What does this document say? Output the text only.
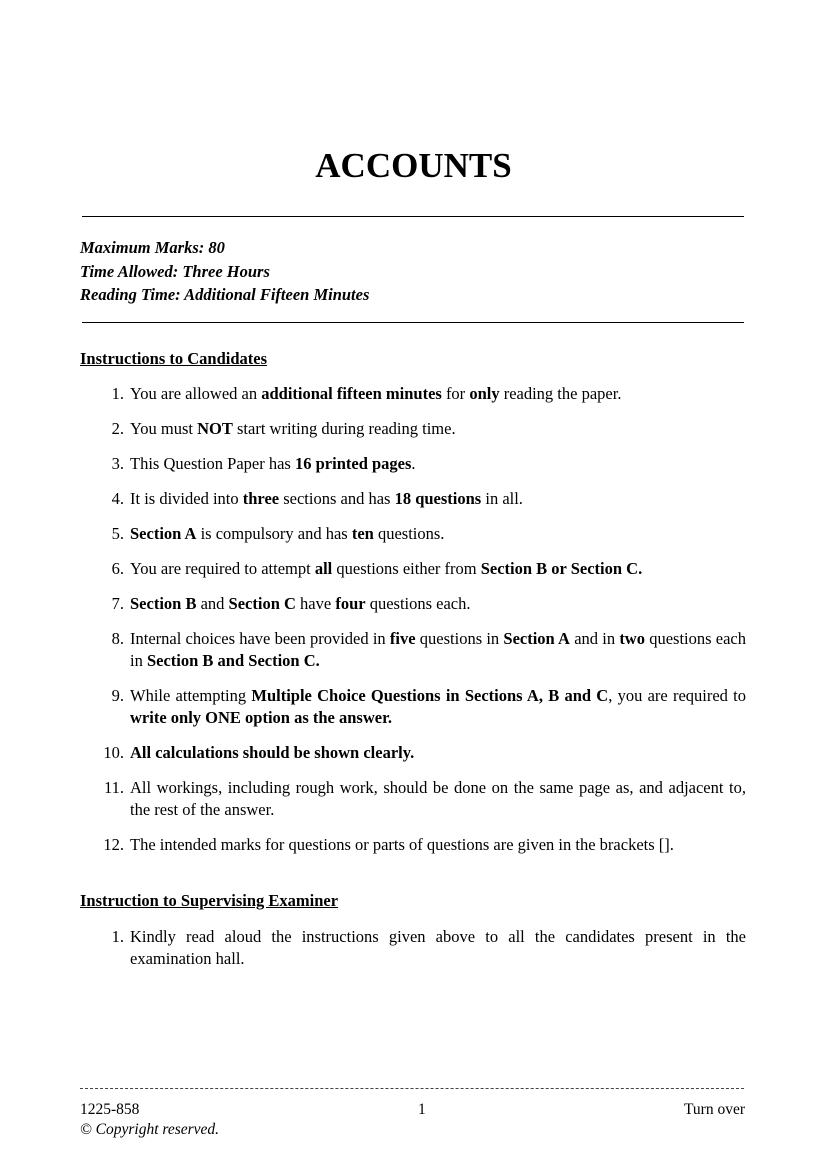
ACCOUNTS
Maximum Marks: 80
Time Allowed: Three Hours
Reading Time: Additional Fifteen Minutes
Instructions to Candidates
1. You are allowed an additional fifteen minutes for only reading the paper.
2. You must NOT start writing during reading time.
3. This Question Paper has 16 printed pages.
4. It is divided into three sections and has 18 questions in all.
5. Section A is compulsory and has ten questions.
6. You are required to attempt all questions either from Section B or Section C.
7. Section B and Section C have four questions each.
8. Internal choices have been provided in five questions in Section A and in two questions each in Section B and Section C.
9. While attempting Multiple Choice Questions in Sections A, B and C, you are required to write only ONE option as the answer.
10. All calculations should be shown clearly.
11. All workings, including rough work, should be done on the same page as, and adjacent to, the rest of the answer.
12. The intended marks for questions or parts of questions are given in the brackets [].
Instruction to Supervising Examiner
1. Kindly read aloud the instructions given above to all the candidates present in the examination hall.
1225-858	1	Turn over
© Copyright reserved.
